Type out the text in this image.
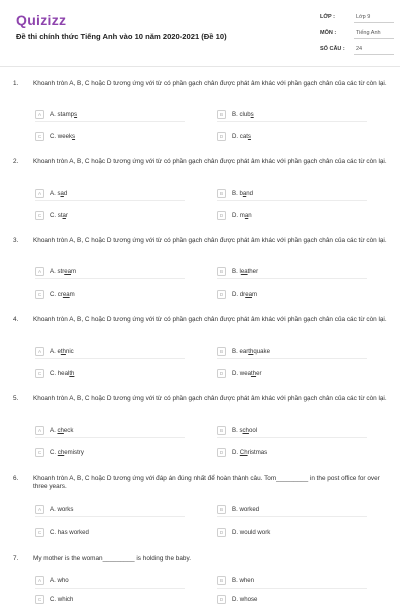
Quizizz
Đề thi chính thức Tiếng Anh vào 10 năm 2020-2021 (Đề 10)
LỚP :	Lớp 9
MÔN :	Tiếng Anh
SỐ CÂU : 24
1. Khoanh tròn A, B, C hoặc D tương ứng với từ có phần gạch chân được phát âm khác với phần gạch chân của các từ còn lại.
A	A. stamps	B	B. clubs
C	C. weeks	D	D. cats
2. Khoanh tròn A, B, C hoặc D tương ứng với từ có phần gạch chân được phát âm khác với phần gạch chân của các từ còn lại.
A	A. sad	B	B. band
C	C. star	D	D. man
3. Khoanh tròn A, B, C hoặc D tương ứng với từ có phần gạch chân được phát âm khác với phần gạch chân của các từ còn lại.
A	A. stream	B	B. leather
C	C. cream	D	D. dream
4. Khoanh tròn A, B, C hoặc D tương ứng với từ có phần gạch chân được phát âm khác với phần gạch chân của các từ còn lại.
A	A. ethnic	B	B. earthquake
C	C. health	D	D. weather
5. Khoanh tròn A, B, C hoặc D tương ứng với từ có phần gạch chân được phát âm khác với phần gạch chân của các từ còn lại.
A	A. check	B	B. school
C	C. chemistry	D	D. Christmas
6. Khoanh tròn A, B, C hoặc D tương ứng với đáp án đúng nhất để hoàn thành câu. Tom_________ in the post office for over three years.
A	A. works	B	B. worked
C	C. has worked	D	D. would work
7. My mother is the woman_________ is holding the baby.
A	A. who	B	B. when
C	C. which	D	D. whose
